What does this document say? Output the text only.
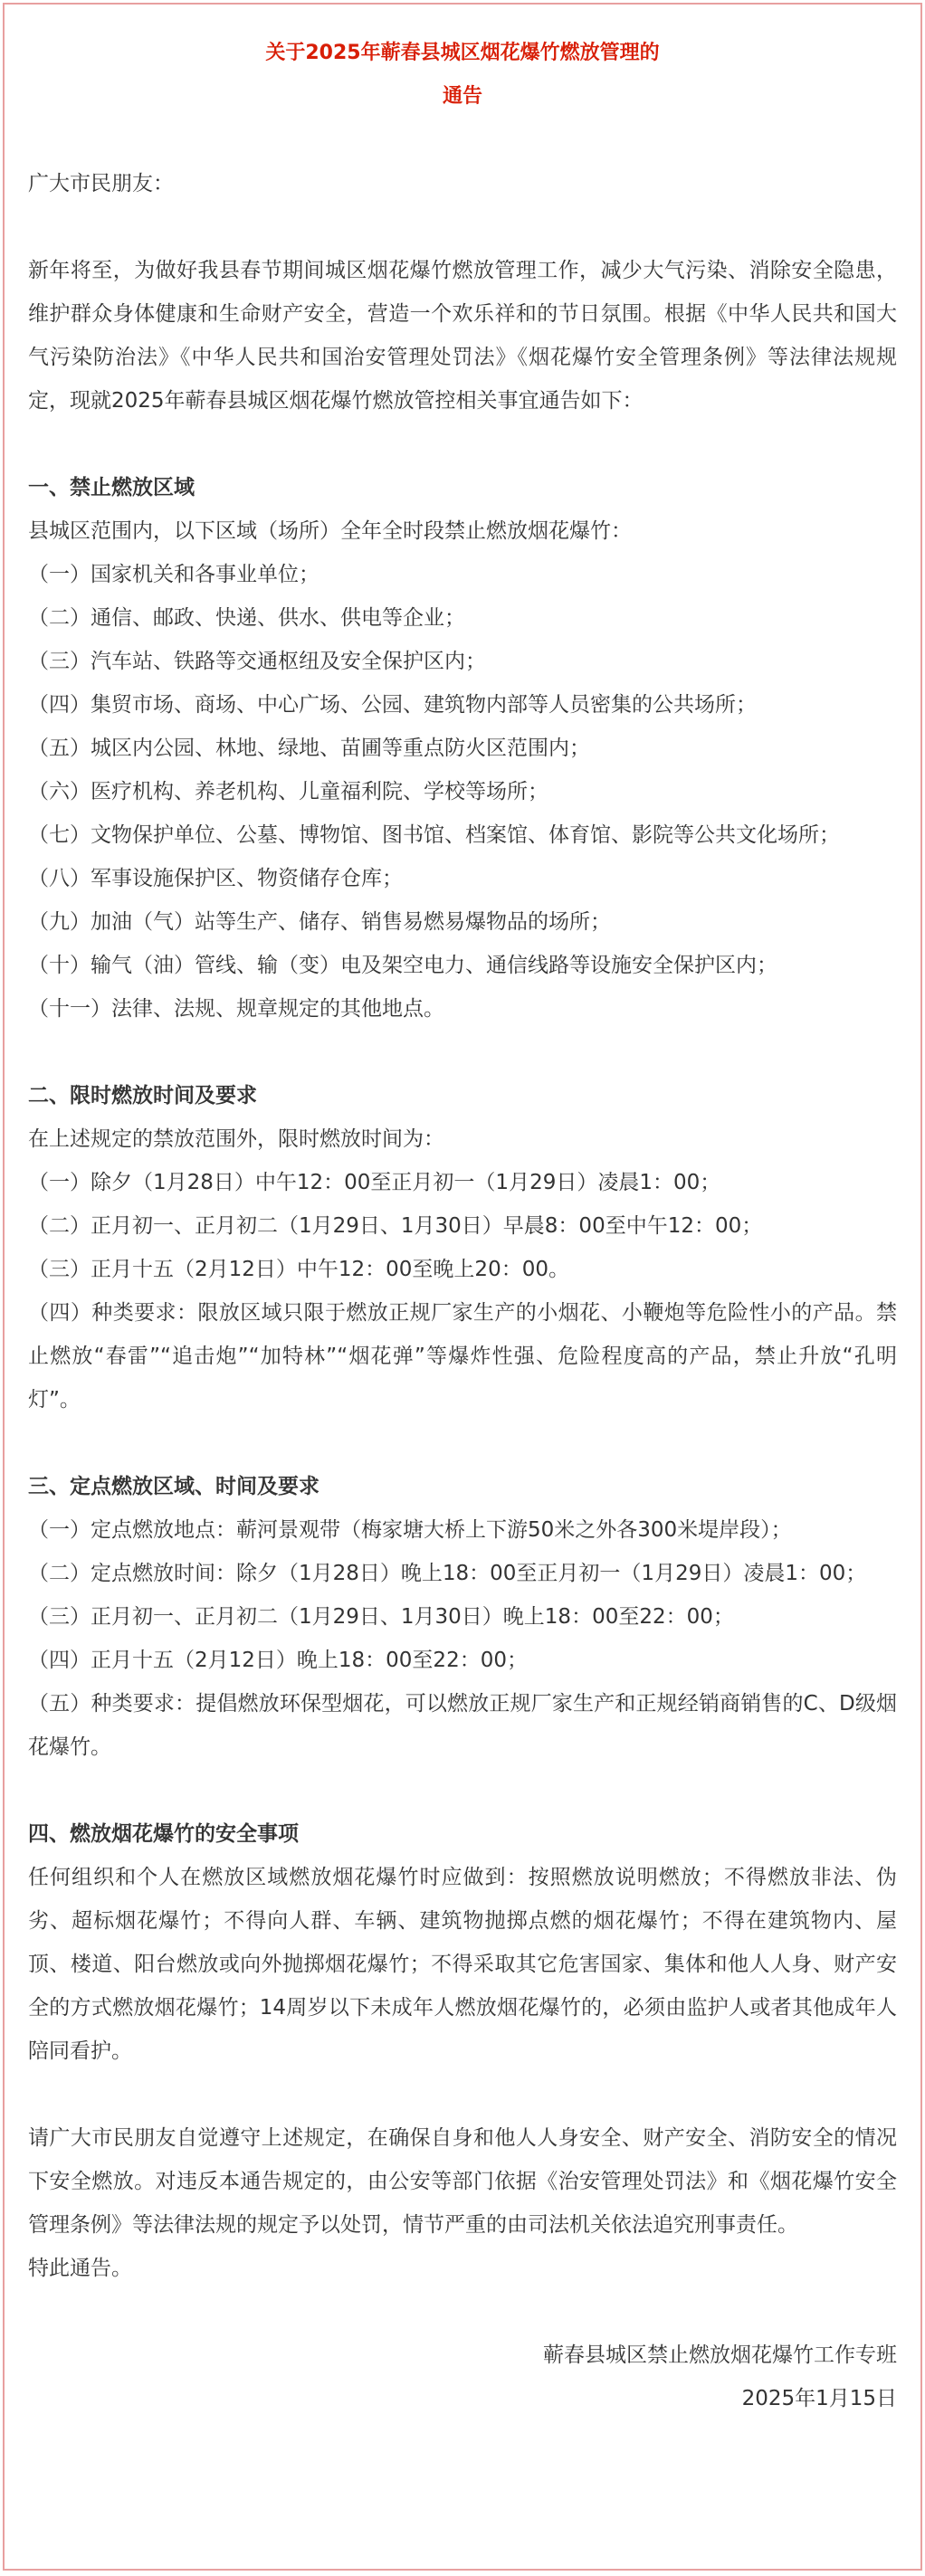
关于2025年蕲春县城区烟花爆竹燃放管理的
通告

广大市民朋友：

新年将至，为做好我县春节期间城区烟花爆竹燃放管理工作，减少大气污染、消除安全隐患，维护群众身体健康和生命财产安全，营造一个欢乐祥和的节日氛围。根据《中华人民共和国大气污染防治法》《中华人民共和国治安管理处罚法》《烟花爆竹安全管理条例》等法律法规规定，现就2025年蕲春县城区烟花爆竹燃放管控相关事宜通告如下：

一、禁止燃放区域

县城区范围内，以下区域（场所）全年全时段禁止燃放烟花爆竹：

（一）国家机关和各事业单位；

（二）通信、邮政、快递、供水、供电等企业；

（三）汽车站、铁路等交通枢纽及安全保护区内；

（四）集贸市场、商场、中心广场、公园、建筑物内部等人员密集的公共场所；

（五）城区内公园、林地、绿地、苗圃等重点防火区范围内；

（六）医疗机构、养老机构、儿童福利院、学校等场所；

（七）文物保护单位、公墓、博物馆、图书馆、档案馆、体育馆、影院等公共文化场所；

（八）军事设施保护区、物资储存仓库；

（九）加油（气）站等生产、储存、销售易燃易爆物品的场所；

（十）输气（油）管线、输（变）电及架空电力、通信线路等设施安全保护区内；

（十一）法律、法规、规章规定的其他地点。

二、限时燃放时间及要求

在上述规定的禁放范围外，限时燃放时间为：

（一）除夕（1月28日）中午12：00至正月初一（1月29日）凌晨1：00；

（二）正月初一、正月初二（1月29日、1月30日）早晨8：00至中午12：00；

（三）正月十五（2月12日）中午12：00至晚上20：00。

（四）种类要求：限放区域只限于燃放正规厂家生产的小烟花、小鞭炮等危险性小的产品。禁止燃放“春雷”“追击炮”“加特林”“烟花弹”等爆炸性强、危险程度高的产品，禁止升放“孔明灯”。

三、定点燃放区域、时间及要求

（一）定点燃放地点：蕲河景观带（梅家塘大桥上下游50米之外各300米堤岸段）；

（二）定点燃放时间：除夕（1月28日）晚上18：00至正月初一（1月29日）凌晨1：00；

（三）正月初一、正月初二（1月29日、1月30日）晚上18：00至22：00；

（四）正月十五（2月12日）晚上18：00至22：00；

（五）种类要求：提倡燃放环保型烟花，可以燃放正规厂家生产和正规经销商销售的C、D级烟花爆竹。

四、燃放烟花爆竹的安全事项

任何组织和个人在燃放区域燃放烟花爆竹时应做到：按照燃放说明燃放；不得燃放非法、伪劣、超标烟花爆竹；不得向人群、车辆、建筑物抛掷点燃的烟花爆竹；不得在建筑物内、屋顶、楼道、阳台燃放或向外抛掷烟花爆竹；不得采取其它危害国家、集体和他人人身、财产安全的方式燃放烟花爆竹；14周岁以下未成年人燃放烟花爆竹的，必须由监护人或者其他成年人陪同看护。

请广大市民朋友自觉遵守上述规定，在确保自身和他人人身安全、财产安全、消防安全的情况下安全燃放。对违反本通告规定的，由公安等部门依据《治安管理处罚法》和《烟花爆竹安全管理条例》等法律法规的规定予以处罚，情节严重的由司法机关依法追究刑事责任。

特此通告。

蕲春县城区禁止燃放烟花爆竹工作专班
2025年1月15日
